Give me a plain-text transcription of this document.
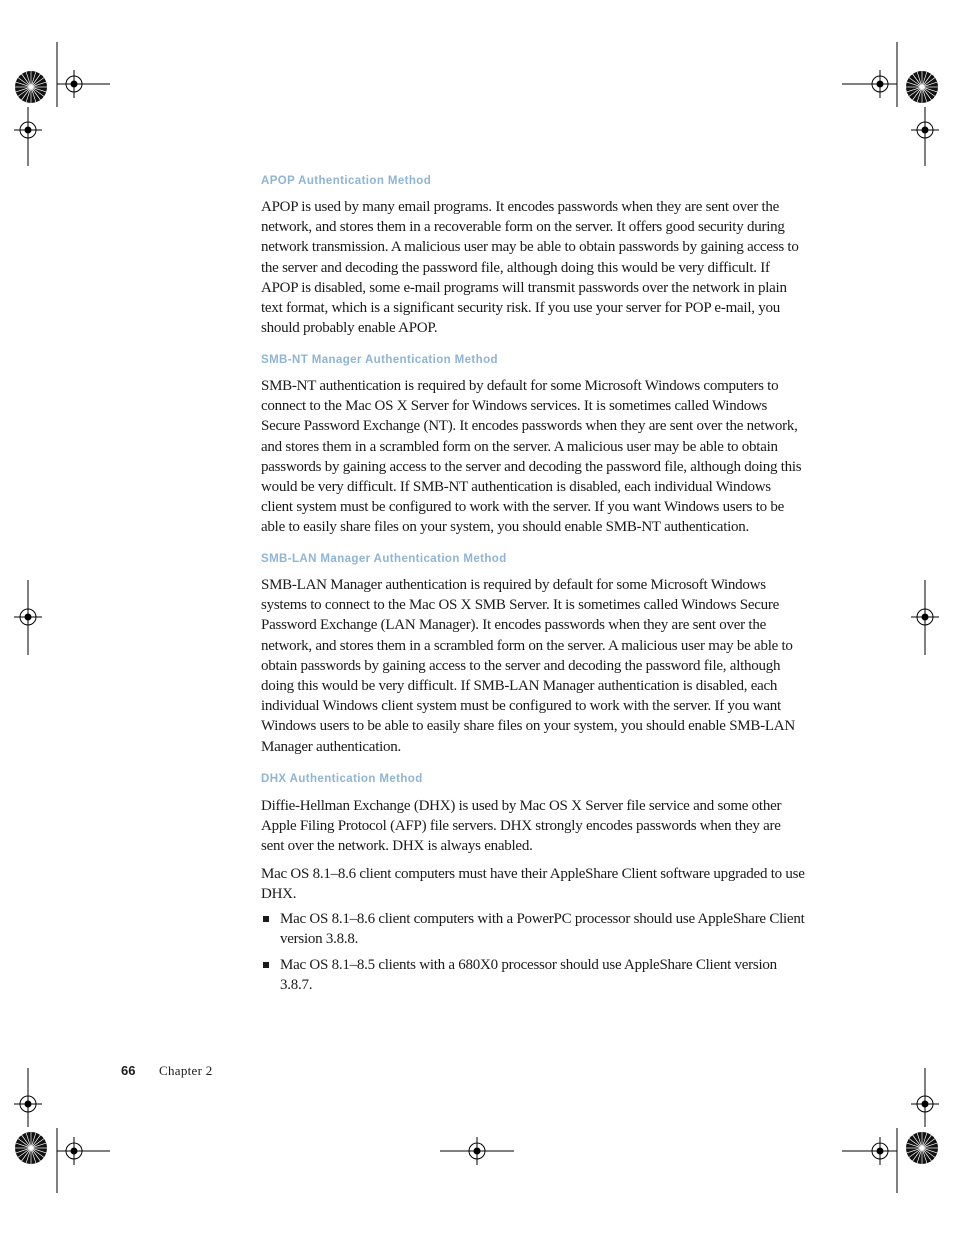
APOP Authentication Method

APOP is used by many email programs. It encodes passwords when they are sent over the network, and stores them in a recoverable form on the server. It offers good security during network transmission. A malicious user may be able to obtain passwords by gaining access to the server and decoding the password file, although doing this would be very difficult. If APOP is disabled, some e-mail programs will transmit passwords over the network in plain text format, which is a significant security risk. If you use your server for POP e-mail, you should probably enable APOP.

SMB-NT Manager Authentication Method

SMB-NT authentication is required by default for some Microsoft Windows computers to connect to the Mac OS X Server for Windows services. It is sometimes called Windows Secure Password Exchange (NT). It encodes passwords when they are sent over the network, and stores them in a scrambled form on the server. A malicious user may be able to obtain passwords by gaining access to the server and decoding the password file, although doing this would be very difficult. If SMB-NT authentication is disabled, each individual Windows client system must be configured to work with the server. If you want Windows users to be able to easily share files on your system, you should enable SMB-NT authentication.

SMB-LAN Manager Authentication Method

SMB-LAN Manager authentication is required by default for some Microsoft Windows systems to connect to the Mac OS X SMB Server. It is sometimes called Windows Secure Password Exchange (LAN Manager). It encodes passwords when they are sent over the network, and stores them in a scrambled form on the server. A malicious user may be able to obtain passwords by gaining access to the server and decoding the password file, although doing this would be very difficult. If SMB-LAN Manager authentication is disabled, each individual Windows client system must be configured to work with the server. If you want Windows users to be able to easily share files on your system, you should enable SMB-LAN Manager authentication.

DHX Authentication Method

Diffie-Hellman Exchange (DHX) is used by Mac OS X Server file service and some other Apple Filing Protocol (AFP) file servers. DHX strongly encodes passwords when they are sent over the network. DHX is always enabled.

Mac OS 8.1–8.6 client computers must have their AppleShare Client software upgraded to use DHX.

Mac OS 8.1–8.6 client computers with a PowerPC processor should use AppleShare Client version 3.8.8.
Mac OS 8.1–8.5 clients with a 680X0 processor should use AppleShare Client version 3.8.7.
66 Chapter 2
